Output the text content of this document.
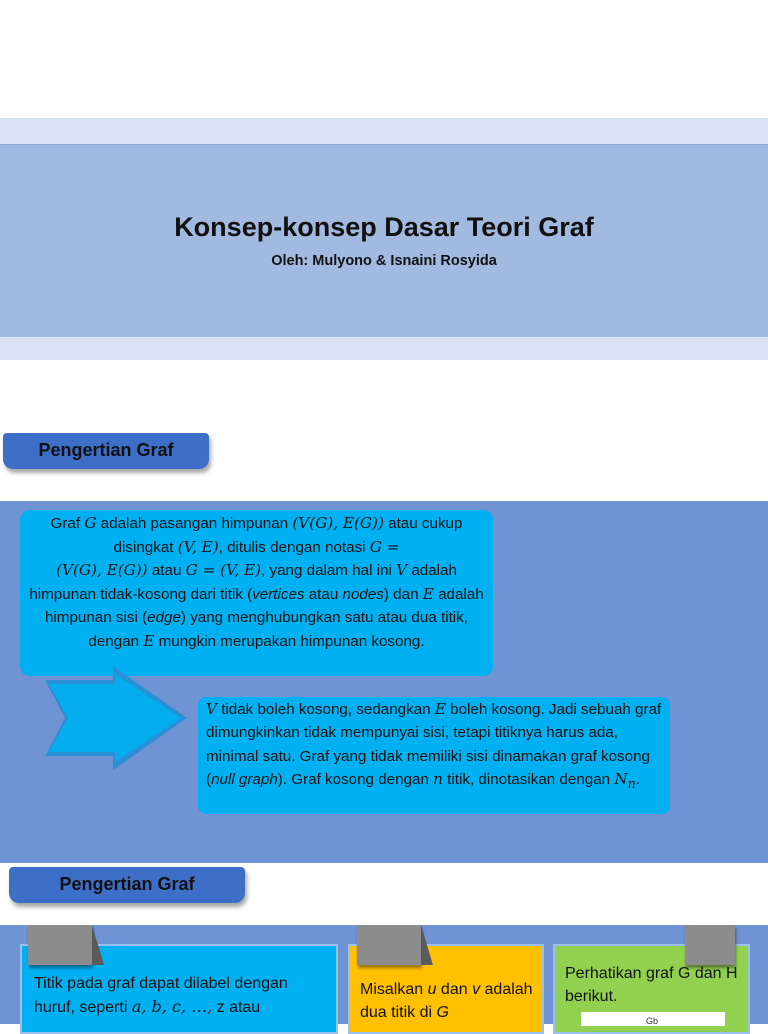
Konsep-konsep Dasar Teori Graf
Oleh: Mulyono & Isnaini Rosyida
Pengertian Graf
Graf G adalah pasangan himpunan (V(G), E(G)) atau cukup disingkat (V, E), ditulis dengan notasi G =
(V(G), E(G)) atau G = (V, E), yang dalam hal ini V adalah himpunan tidak-kosong dari titik (vertices atau nodes) dan E adalah himpunan sisi (edge) yang menghubungkan satu atau dua titik, dengan E mungkin merupakan himpunan kosong.
V tidak boleh kosong, sedangkan E boleh kosong. Jadi sebuah graf dimungkinkan tidak mempunyai sisi, tetapi titiknya harus ada, minimal satu. Graf yang tidak memiliki sisi dinamakan graf kosong (null graph). Graf kosong dengan n titik, dinotasikan dengan $N_n$.
Pengertian Graf
Titik pada graf dapat dilabel dengan huruf, seperti a, b, c, …, z atau
Misalkan u dan v adalah dua titik di G
Perhatikan graf G dan H berikut.
Gb
